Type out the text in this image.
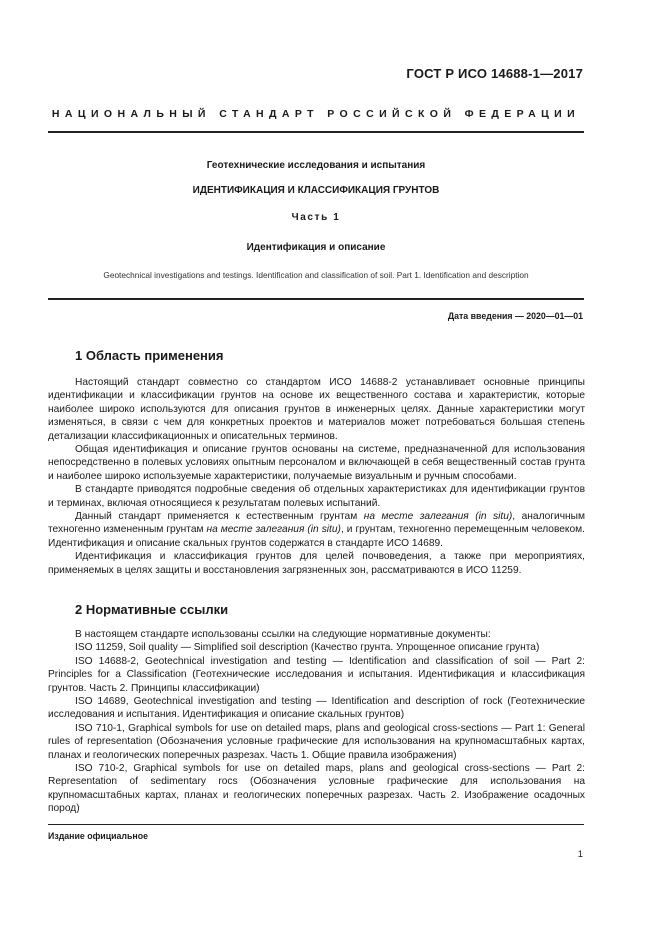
ГОСТ Р ИСО 14688-1—2017
НАЦИОНАЛЬНЫЙ СТАНДАРТ РОССИЙСКОЙ ФЕДЕРАЦИИ
Геотехнические исследования и испытания
ИДЕНТИФИКАЦИЯ И КЛАССИФИКАЦИЯ ГРУНТОВ
Часть 1
Идентификация и описание
Geotechnical investigations and testings. Identification and classification of soil. Part 1. Identification and description
Дата введения — 2020—01—01
1 Область применения

Настоящий стандарт совместно со стандартом ИСО 14688-2 устанавливает основные принципы идентификации и классификации грунтов на основе их вещественного состава и характеристик, которые наиболее широко используются для описания грунтов в инженерных целях. Данные характеристики могут изменяться, в связи с чем для конкретных проектов и материалов может потребоваться большая степень детализации классификационных и описательных терминов.

Общая идентификация и описание грунтов основаны на системе, предназначенной для использования непосредственно в полевых условиях опытным персоналом и включающей в себя вещественный состав грунта и наиболее широко используемые характеристики, получаемые визуальным и ручным способами.

В стандарте приводятся подробные сведения об отдельных характеристиках для идентификации грунтов и терминах, включая относящиеся к результатам полевых испытаний.

Данный стандарт применяется к естественным грунтам на месте залегания (in situ), аналогичным техногенно измененным грунтам на месте залегания (in situ), и грунтам, техногенно перемещенным человеком. Идентификация и описание скальных грунтов содержатся в стандарте ИСО 14689.

Идентификация и классификация грунтов для целей почвоведения, а также при мероприятиях, применяемых в целях защиты и восстановления загрязненных зон, рассматриваются в ИСО 11259.

2 Нормативные ссылки

В настоящем стандарте использованы ссылки на следующие нормативные документы:

ISO 11259, Soil quality — Simplified soil description (Качество грунта. Упрощенное описание грунта)

ISO 14688-2, Geotechnical investigation and testing — Identification and classification of soil — Part 2: Principles for a Classification (Геотехнические исследования и испытания. Идентификация и классификация грунтов. Часть 2. Принципы классификации)

ISO 14689, Geotechnical investigation and testing — Identification and description of rock (Геотехнические исследования и испытания. Идентификация и описание скальных грунтов)

ISO 710-1, Graphical symbols for use on detailed maps, plans and geological cross-sections — Part 1: General rules of representation (Обозначения условные графические для использования на крупномасштабных картах, планах и геологических поперечных разрезах. Часть 1. Общие правила изображения)

ISO 710-2, Graphical symbols for use on detailed maps, plans and geological cross-sections — Part 2: Representation of sedimentary rocs (Обозначения условные графические для использования на крупномасштабных картах, планах и геологических поперечных разрезах. Часть 2. Изображение осадочных пород)

Издание официальное
1
